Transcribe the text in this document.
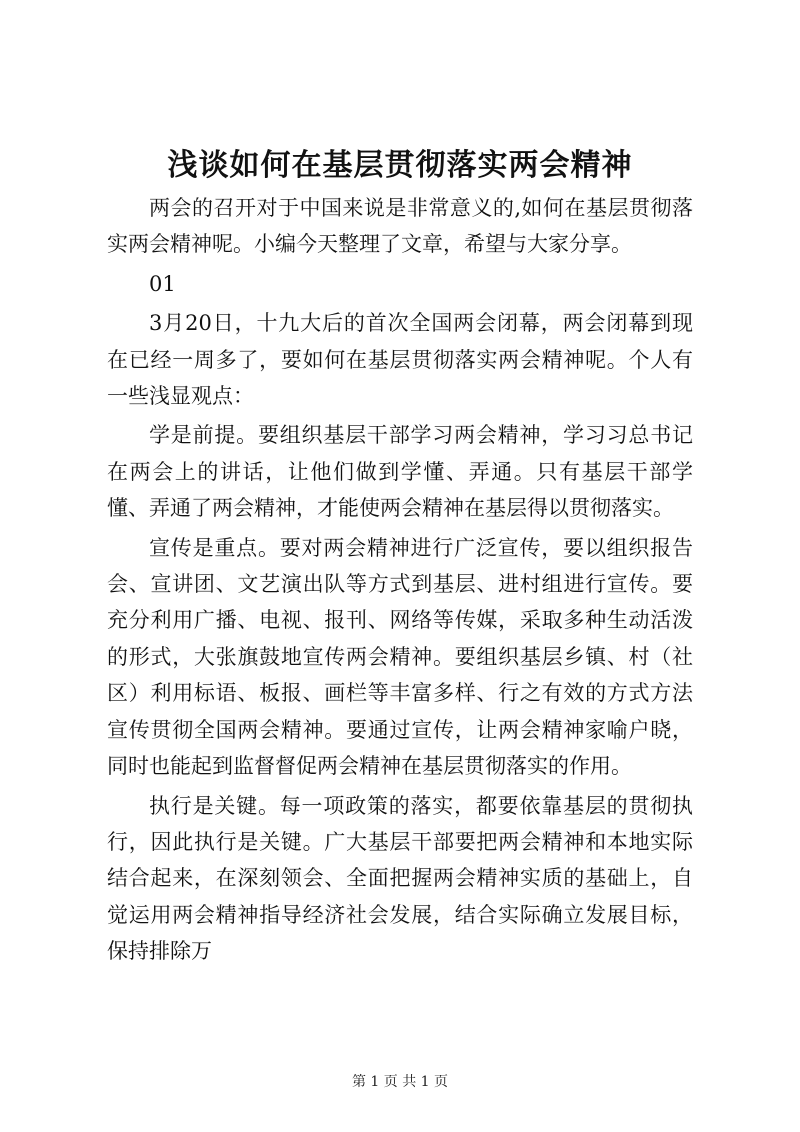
浅谈如何在基层贯彻落实两会精神

两会的召开对于中国来说是非常意义的,如何在基层贯彻落实两会精神呢。小编今天整理了文章，希望与大家分享。

01

3月20日，十九大后的首次全国两会闭幕，两会闭幕到现在已经一周多了，要如何在基层贯彻落实两会精神呢。个人有一些浅显观点：

学是前提。要组织基层干部学习两会精神，学习习总书记在两会上的讲话，让他们做到学懂、弄通。只有基层干部学懂、弄通了两会精神，才能使两会精神在基层得以贯彻落实。

宣传是重点。要对两会精神进行广泛宣传，要以组织报告会、宣讲团、文艺演出队等方式到基层、进村组进行宣传。要充分利用广播、电视、报刊、网络等传媒，采取多种生动活泼的形式，大张旗鼓地宣传两会精神。要组织基层乡镇、村（社区）利用标语、板报、画栏等丰富多样、行之有效的方式方法宣传贯彻全国两会精神。要通过宣传，让两会精神家喻户晓，同时也能起到监督督促两会精神在基层贯彻落实的作用。

执行是关键。每一项政策的落实，都要依靠基层的贯彻执行，因此执行是关键。广大基层干部要把两会精神和本地实际结合起来，在深刻领会、全面把握两会精神实质的基础上，自觉运用两会精神指导经济社会发展，结合实际确立发展目标，保持排除万

第 1 页 共 1 页
